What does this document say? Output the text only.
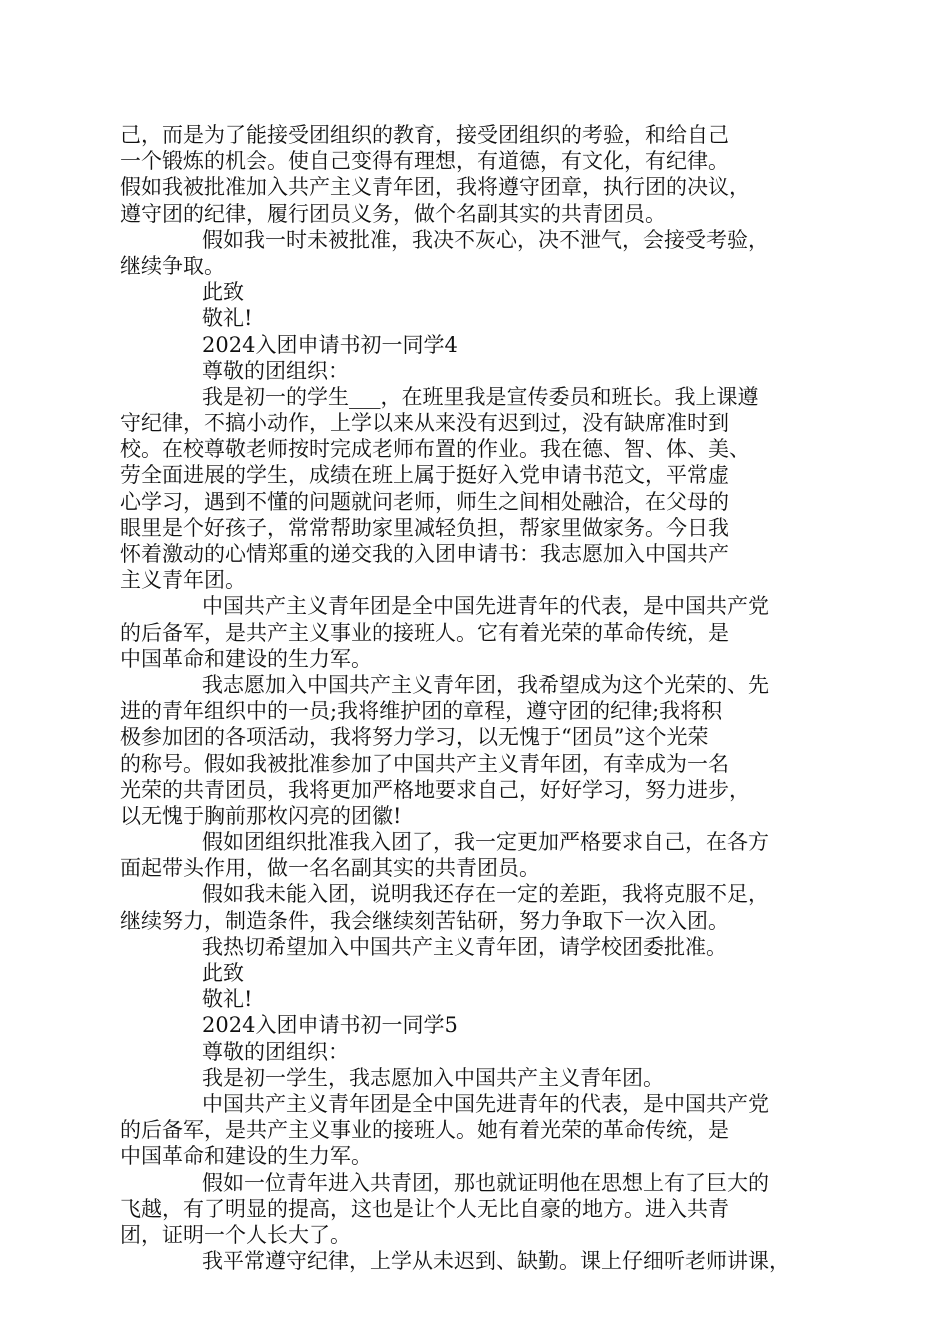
己，而是为了能接受团组织的教育，接受团组织的考验，和给自己
一个锻炼的机会。使自己变得有理想，有道德，有文化，有纪律。
假如我被批准加入共产主义青年团，我将遵守团章，执行团的决议，
遵守团的纪律，履行团员义务，做个名副其实的共青团员。
假如我一时未被批准，我决不灰心，决不泄气，会接受考验，
继续争取。
此致
敬礼!
2024入团申请书初一同学4
尊敬的团组织：
我是初一的学生___，在班里我是宣传委员和班长。我上课遵
守纪律，不搞小动作，上学以来从来没有迟到过，没有缺席准时到
校。在校尊敬老师按时完成老师布置的作业。我在德、智、体、美、
劳全面进展的学生，成绩在班上属于挺好入党申请书范文，平常虚
心学习，遇到不懂的问题就问老师，师生之间相处融洽，在父母的
眼里是个好孩子，常常帮助家里减轻负担，帮家里做家务。今日我
怀着激动的心情郑重的递交我的入团申请书：我志愿加入中国共产
主义青年团。
中国共产主义青年团是全中国先进青年的代表，是中国共产党
的后备军，是共产主义事业的接班人。它有着光荣的革命传统，是
中国革命和建设的生力军。
我志愿加入中国共产主义青年团，我希望成为这个光荣的、先
进的青年组织中的一员;我将维护团的章程，遵守团的纪律;我将积
极参加团的各项活动，我将努力学习，以无愧于“团员”这个光荣
的称号。假如我被批准参加了中国共产主义青年团，有幸成为一名
光荣的共青团员，我将更加严格地要求自己，好好学习，努力进步，
以无愧于胸前那枚闪亮的团徽!
假如团组织批准我入团了，我一定更加严格要求自己，在各方
面起带头作用，做一名名副其实的共青团员。
假如我未能入团，说明我还存在一定的差距，我将克服不足，
继续努力，制造条件，我会继续刻苦钻研，努力争取下一次入团。
我热切希望加入中国共产主义青年团，请学校团委批准。
此致
敬礼!
2024入团申请书初一同学5
尊敬的团组织：
我是初一学生，我志愿加入中国共产主义青年团。
中国共产主义青年团是全中国先进青年的代表，是中国共产党
的后备军，是共产主义事业的接班人。她有着光荣的革命传统，是
中国革命和建设的生力军。
假如一位青年进入共青团，那也就证明他在思想上有了巨大的
飞越，有了明显的提高，这也是让个人无比自豪的地方。进入共青
团，证明一个人长大了。
我平常遵守纪律，上学从未迟到、缺勤。课上仔细听老师讲课，
